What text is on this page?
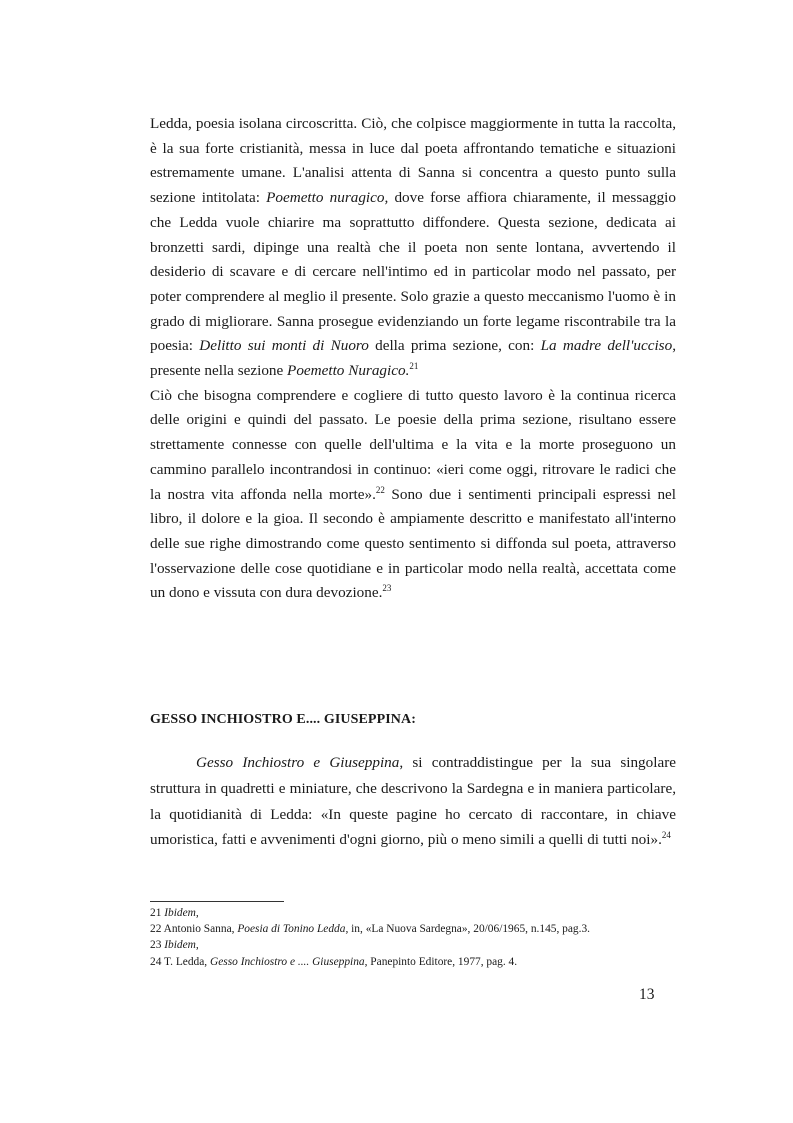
Ledda, poesia isolana circoscritta. Ciò, che colpisce maggiormente in tutta la raccolta, è la sua forte cristianità, messa in luce dal poeta affrontando tematiche e situazioni estremamente umane. L'analisi attenta di Sanna si concentra a questo punto sulla sezione intitolata: Poemetto nuragico, dove forse affiora chiaramente, il messaggio che Ledda vuole chiarire ma soprattutto diffondere. Questa sezione, dedicata ai bronzetti sardi, dipinge una realtà che il poeta non sente lontana, avvertendo il desiderio di scavare e di cercare nell'intimo ed in particolar modo nel passato, per poter comprendere al meglio il presente. Solo grazie a questo meccanismo l'uomo è in grado di migliorare. Sanna prosegue evidenziando un forte legame riscontrabile tra la poesia: Delitto sui monti di Nuoro della prima sezione, con: La madre dell'ucciso, presente nella sezione Poemetto Nuragico.$^{21}$

Ciò che bisogna comprendere e cogliere di tutto questo lavoro è la continua ricerca delle origini e quindi del passato. Le poesie della prima sezione, risultano essere strettamente connesse con quelle dell'ultima e la vita e la morte proseguono un cammino parallelo incontrandosi in continuo: «ieri come oggi, ritrovare le radici che la nostra vita affonda nella morte».$^{22}$ Sono due i sentimenti principali espressi nel libro, il dolore e la gioa. Il secondo è ampiamente descritto e manifestato all'interno delle sue righe dimostrando come questo sentimento si diffonda sul poeta, attraverso l'osservazione delle cose quotidiane e in particolar modo nella realtà, accettata come un dono e vissuta con dura devozione.$^{23}$

GESSO INCHIOSTRO E.... GIUSEPPINA:

Gesso Inchiostro e Giuseppina, si contraddistingue per la sua singolare struttura in quadretti e miniature, che descrivono la Sardegna e in maniera particolare, la quotidianità di Ledda: «In queste pagine ho cercato di raccontare, in chiave umoristica, fatti e avvenimenti d'ogni giorno, più o meno simili a quelli di tutti noi».$^{24}$

21 Ibidem,
22 Antonio Sanna, Poesia di Tonino Ledda, in, «La Nuova Sardegna», 20/06/1965, n.145, pag.3.
23 Ibidem,
24 T. Ledda, Gesso Inchiostro e .... Giuseppina, Panepinto Editore, 1977, pag. 4.
13
